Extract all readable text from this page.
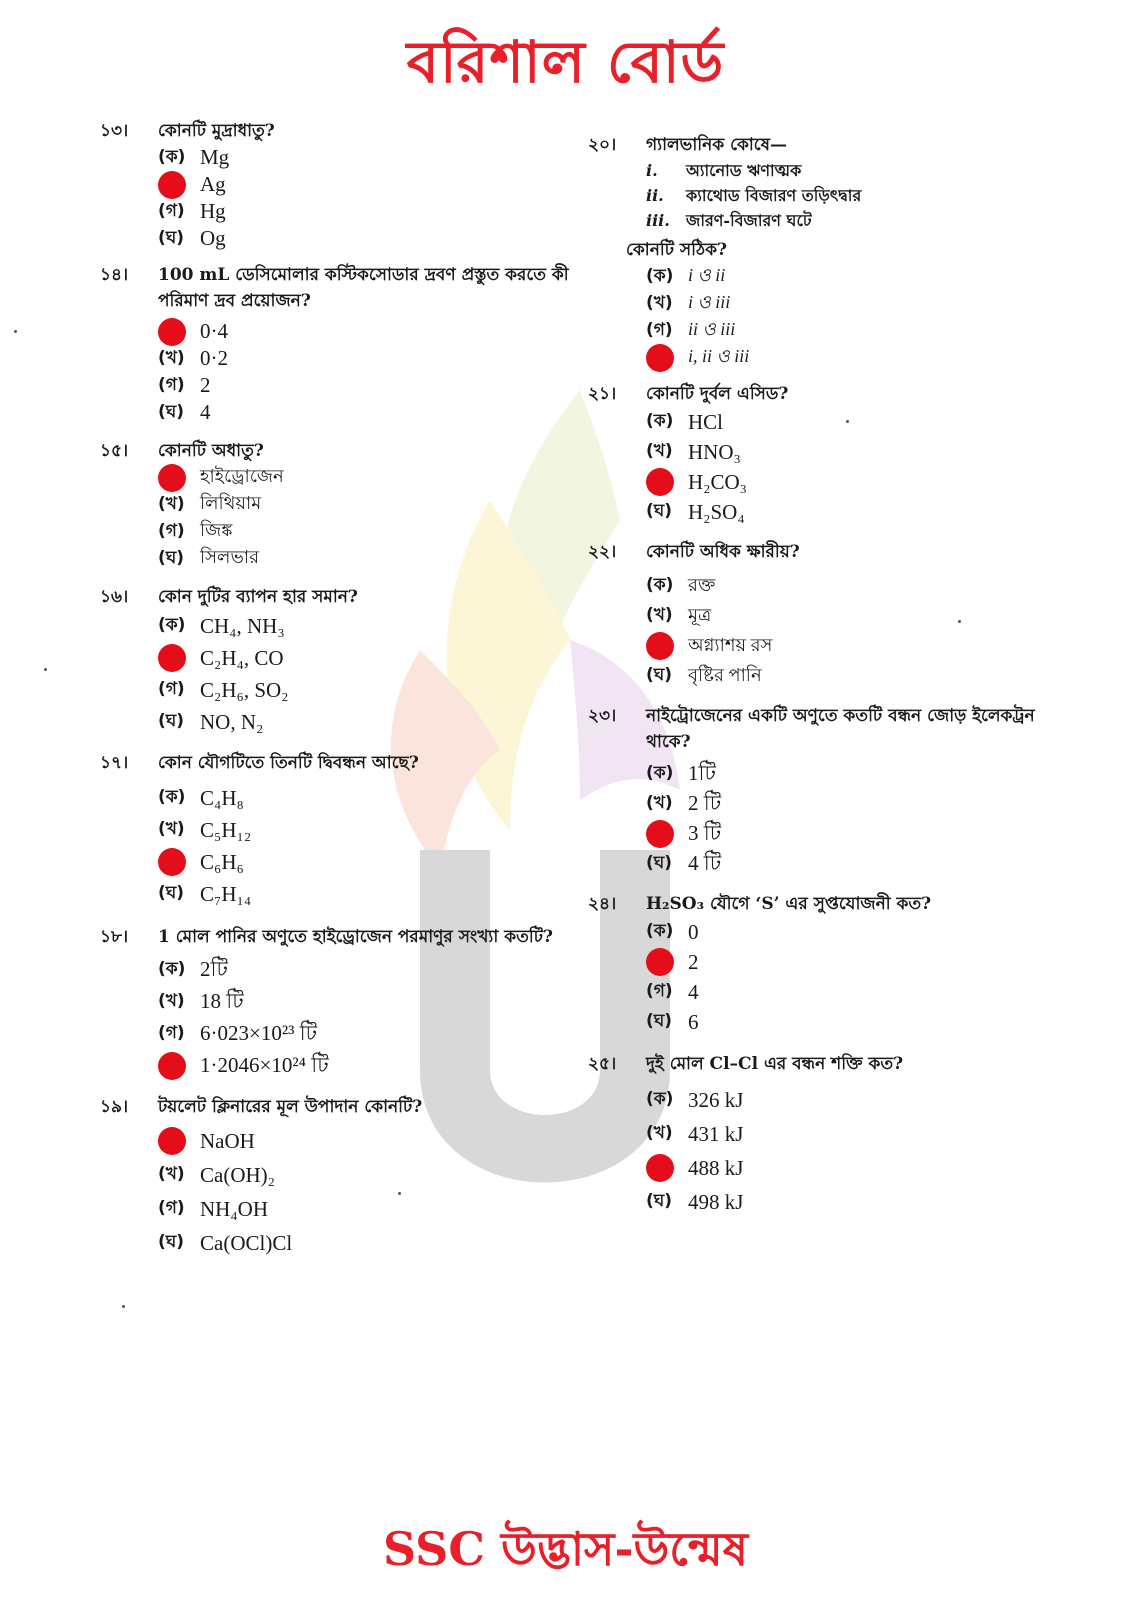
বরিশাল বোর্ড
১৩।	কোনটি মুদ্রাধাতু?
(ক) Mg
Ag
(গ) Hg
(ঘ) Og
১৪।	100 mL ডেসিমোলার কস্টিকসোডার দ্রবণ প্রস্তুত করতে কী পরিমাণ দ্রব প্রয়োজন?
0·4
(খ) 0·2
(গ) 2
(ঘ) 4
১৫।	কোনটি অধাতু?
হাইড্রোজেন
(খ) লিথিয়াম
(গ) জিঙ্ক
(ঘ) সিলভার
১৬।	কোন দুটির ব্যাপন হার সমান?
(ক) CH₄, NH₃
C₂H₄, CO
(গ) C₂H₆, SO₂
(ঘ) NO, N₂
১৭।	কোন যৌগটিতে তিনটি দ্বিবন্ধন আছে?
(ক) C₄H₈
(খ) C₅H₁₂
C₆H₆
(ঘ) C₇H₁₄
১৮।	1 মোল পানির অণুতে হাইড্রোজেন পরমাণুর সংখ্যা কতটি?
(ক) 2টি
(খ) 18 টি
(গ) 6·023×10²³ টি
1·2046×10²⁴ টি
১৯।	টয়লেট ক্লিনারের মূল উপাদান কোনটি?
NaOH
(খ) Ca(OH)₂
(গ) NH₄OH
(ঘ) Ca(OCl)Cl
২০।	গ্যালভানিক কোষে—
i.	অ্যানোড ঋণাত্মক
ii.	ক্যাথোড বিজারণ তড়িৎদ্বার
iii.	জারণ-বিজারণ ঘটে
কোনটি সঠিক?
(ক) i ও ii
(খ) i ও iii
(গ) ii ও iii
i, ii ও iii
২১।	কোনটি দুর্বল এসিড?
(ক) HCl
(খ) HNO₃
H₂CO₃
(ঘ) H₂SO₄
২২।	কোনটি অধিক ক্ষারীয়?
(ক) রক্ত
(খ) মূত্র
অগ্ন্যাশয় রস
(ঘ) বৃষ্টির পানি
২৩।	নাইট্রোজেনের একটি অণুতে কতটি বন্ধন জোড় ইলেকট্রন থাকে?
(ক) 1টি
(খ) 2 টি
3 টি
(ঘ) 4 টি
২৪।	H₂SO₃ যৌগে ‘S’ এর সুপ্তযোজনী কত?
(ক) 0
2
(গ) 4
(ঘ) 6
২৫।	দুই মোল Cl–Cl এর বন্ধন শক্তি কত?
(ক) 326 kJ
(খ) 431 kJ
488 kJ
(ঘ) 498 kJ
SSC উদ্ভাস-উন্মেষ
